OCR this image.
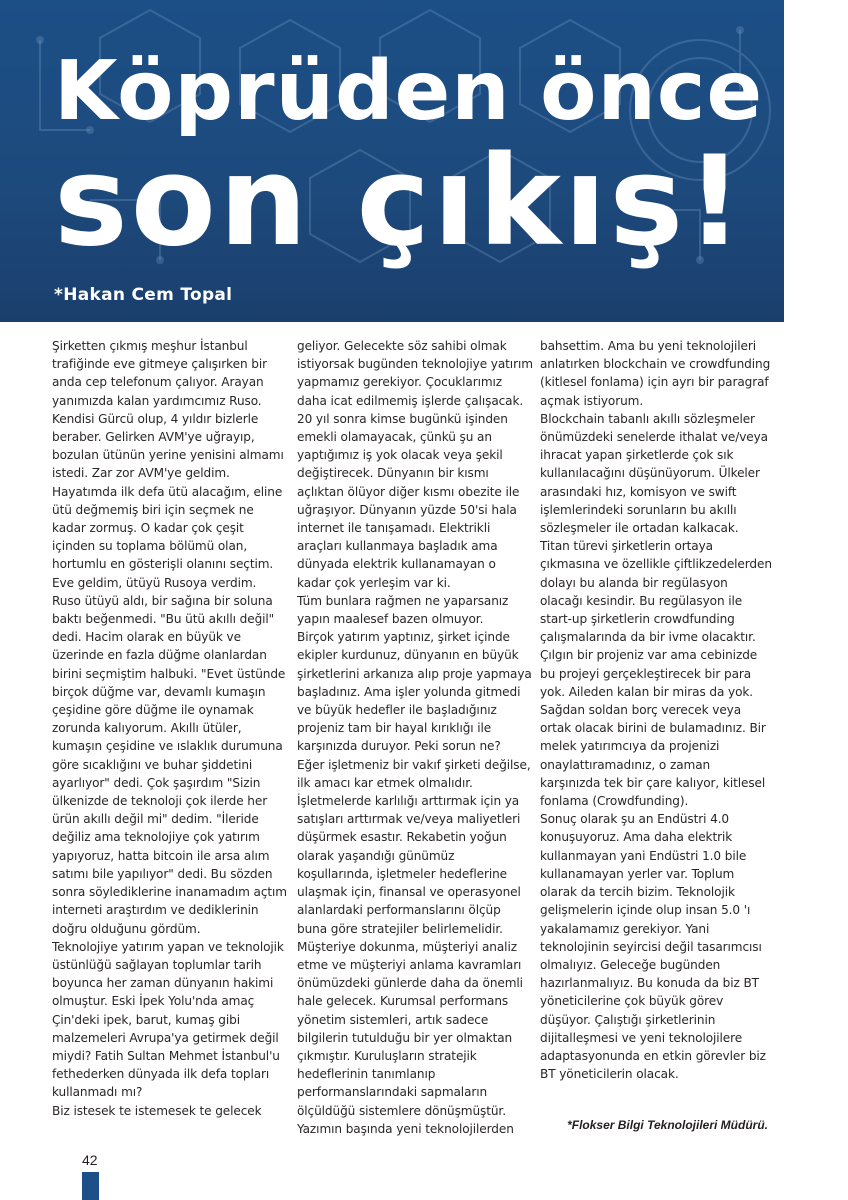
Köprüden önce
son çıkış!
*Hakan Cem Topal

Şirketten çıkmış meşhur İstanbul trafiğinde eve gitmeye çalışırken bir anda cep telefonum çalıyor. Arayan yanımızda kalan yardımcımız Ruso. Kendisi Gürcü olup, 4 yıldır bizlerle beraber. Gelirken AVM'ye uğrayıp, bozulan ütünün yerine yenisini almamı istedi. Zar zor AVM'ye geldim. Hayatımda ilk defa ütü alacağım, eline ütü değmemiş biri için seçmek ne kadar zormuş. O kadar çok çeşit içinden su toplama bölümü olan, hortumlu en gösterişli olanını seçtim. Eve geldim, ütüyü Rusoya verdim. Ruso ütüyü aldı, bir sağına bir soluna baktı beğenmedi. "Bu ütü akıllı değil" dedi. Hacim olarak en büyük ve üzerinde en fazla düğme olanlardan birini seçmiştim halbuki. "Evet üstünde birçok düğme var, devamlı kumaşın çeşidine göre düğme ile oynamak zorunda kalıyorum. Akıllı ütüler, kumaşın çeşidine ve ıslaklık durumuna göre sıcaklığını ve buhar şiddetini ayarlıyor" dedi. Çok şaşırdım "Sizin ülkenizde de teknoloji çok ilerde her ürün akıllı değil mi" dedim. "İleride değiliz ama teknolojiye çok yatırım yapıyoruz, hatta bitcoin ile arsa alım satımı bile yapılıyor" dedi. Bu sözden sonra söylediklerine inanamadım açtım interneti araştırdım ve dediklerinin doğru olduğunu gördüm.

Teknolojiye yatırım yapan ve teknolojik üstünlüğü sağlayan toplumlar tarih boyunca her zaman dünyanın hakimi olmuştur. Eski İpek Yolu'nda amaç Çin'deki ipek, barut, kumaş gibi malzemeleri Avrupa'ya getirmek değil miydi? Fatih Sultan Mehmet İstanbul'u fethederken dünyada ilk defa topları kullanmadı mı?

Biz istesek te istemesek te gelecek

geliyor. Gelecekte söz sahibi olmak istiyorsak bugünden teknolojiye yatırım yapmamız gerekiyor. Çocuklarımız daha icat edilmemiş işlerde çalışacak. 20 yıl sonra kimse bugünkü işinden emekli olamayacak, çünkü şu an yaptığımız iş yok olacak veya şekil değiştirecek. Dünyanın bir kısmı açlıktan ölüyor diğer kısmı obezite ile uğraşıyor. Dünyanın yüzde 50'si hala internet ile tanışamadı. Elektrikli araçları kullanmaya başladık ama dünyada elektrik kullanamayan o kadar çok yerleşim var ki.

Tüm bunlara rağmen ne yaparsanız yapın maalesef bazen olmuyor.

Birçok yatırım yaptınız, şirket içinde ekipler kurdunuz, dünyanın en büyük şirketlerini arkanıza alıp proje yapmaya başladınız. Ama işler yolunda gitmedi ve büyük hedefler ile başladığınız projeniz tam bir hayal kırıklığı ile karşınızda duruyor. Peki sorun ne?

Eğer işletmeniz bir vakıf şirketi değilse, ilk amacı kar etmek olmalıdır. İşletmelerde karlılığı arttırmak için ya satışları arttırmak ve/veya maliyetleri düşürmek esastır. Rekabetin yoğun olarak yaşandığı günümüz koşullarında, işletmeler hedeflerine ulaşmak için, finansal ve operasyonel alanlardaki performanslarını ölçüp buna göre stratejiler belirlemelidir. Müşteriye dokunma, müşteriyi analiz etme ve müşteriyi anlama kavramları önümüzdeki günlerde daha da önemli hale gelecek. Kurumsal performans yönetim sistemleri, artık sadece bilgilerin tutulduğu bir yer olmaktan çıkmıştır. Kuruluşların stratejik hedeflerinin tanımlanıp performanslarındaki sapmaların ölçüldüğü sistemlere dönüşmüştür.

Yazımın başında yeni teknolojilerden

bahsettim. Ama bu yeni teknolojileri anlatırken blockchain ve crowdfunding (kitlesel fonlama) için ayrı bir paragraf açmak istiyorum.

Blockchain tabanlı akıllı sözleşmeler önümüzdeki senelerde ithalat ve/veya ihracat yapan şirketlerde çok sık kullanılacağını düşünüyorum. Ülkeler arasındaki hız, komisyon ve swift işlemlerindeki sorunların bu akıllı sözleşmeler ile ortadan kalkacak.

Titan türevi şirketlerin ortaya çıkmasına ve özellikle çiftlikzedelerden dolayı bu alanda bir regülasyon olacağı kesindir. Bu regülasyon ile start-up şirketlerin crowdfunding çalışmalarında da bir ivme olacaktır.

Çılgın bir projeniz var ama cebinizde bu projeyi gerçekleştirecek bir para yok. Aileden kalan bir miras da yok. Sağdan soldan borç verecek veya ortak olacak birini de bulamadınız. Bir melek yatırımcıya da projenizi onaylattıramadınız, o zaman karşınızda tek bir çare kalıyor, kitlesel fonlama (Crowdfunding).

Sonuç olarak şu an Endüstri 4.0 konuşuyoruz. Ama daha elektrik kullanmayan yani Endüstri 1.0 bile kullanamayan yerler var. Toplum olarak da tercih bizim. Teknolojik gelişmelerin içinde olup insan 5.0 'ı yakalamamız gerekiyor. Yani teknolojinin seyircisi değil tasarımcısı olmalıyız. Geleceğe bugünden hazırlanmalıyız. Bu konuda da biz BT yöneticilerine çok büyük görev düşüyor. Çalıştığı şirketlerinin dijitalleşmesi ve yeni teknolojilere adaptasyonunda en etkin görevler biz BT yöneticilerin olacak.

*Flokser Bilgi Teknolojileri Müdürü.
42
